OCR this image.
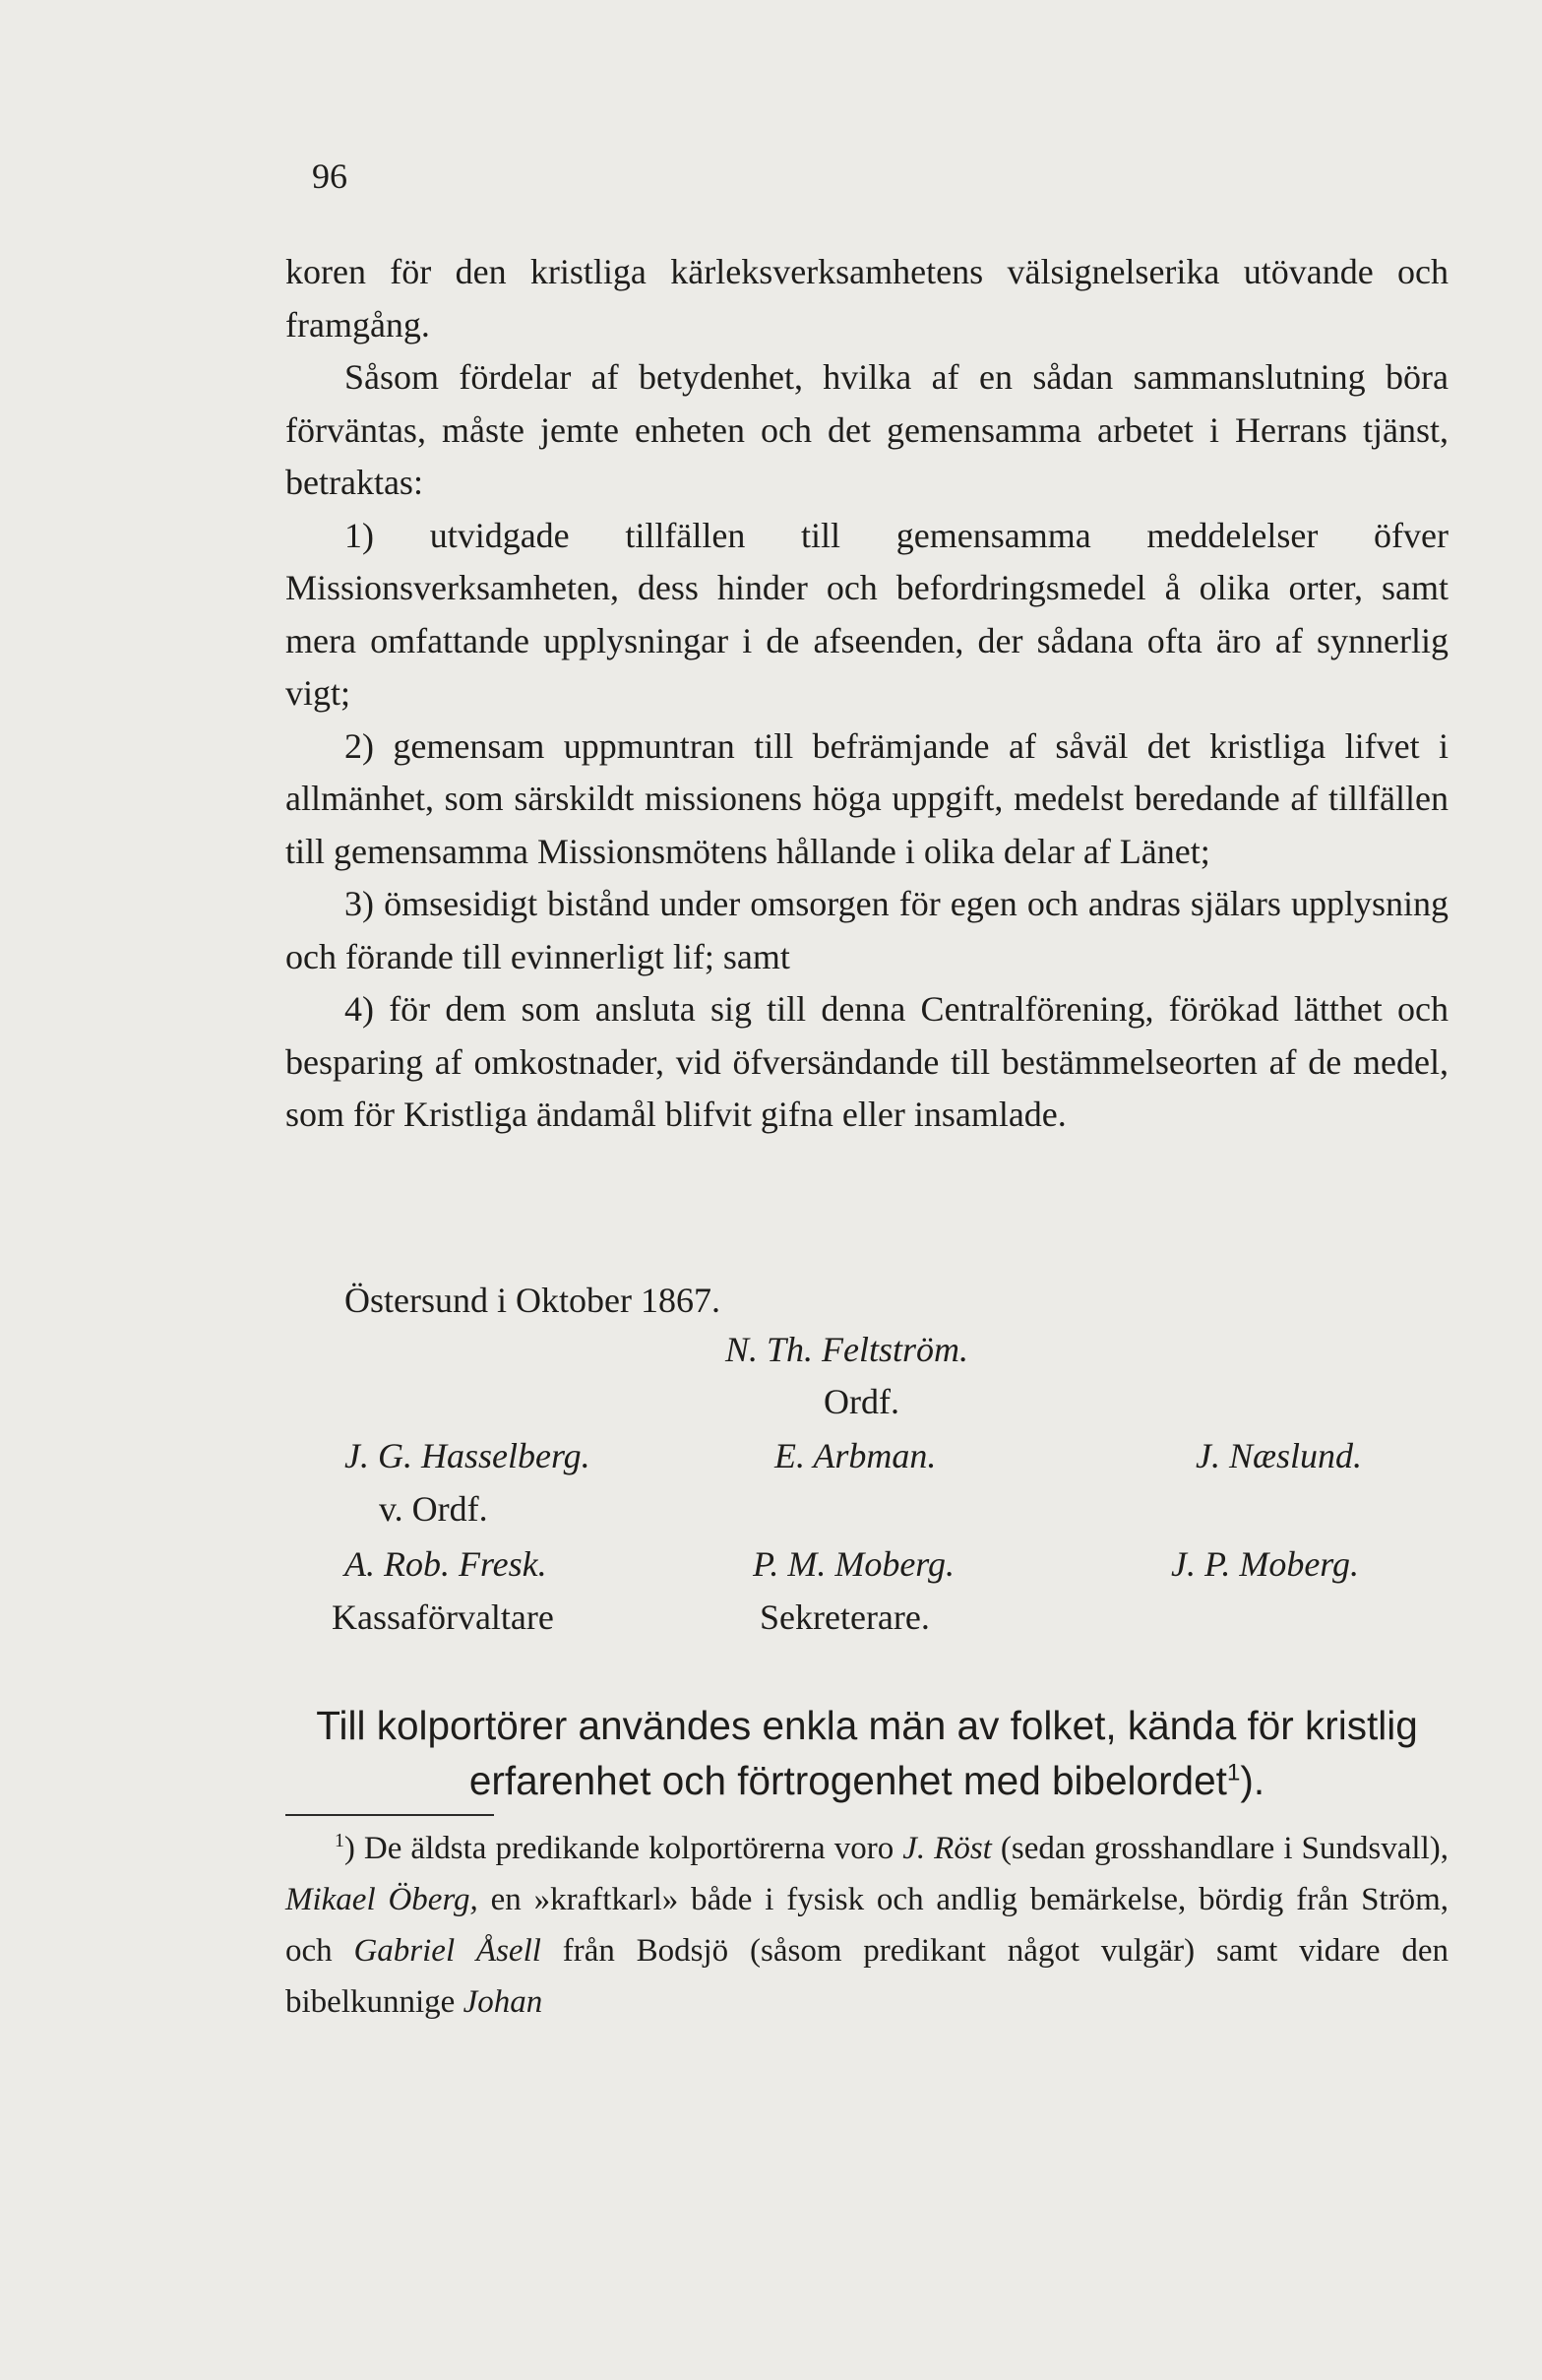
96

koren för den kristliga kärleksverksamhetens välsignelserika utövande och framgång.

Såsom fördelar af betydenhet, hvilka af en sådan sammanslutning böra förväntas, måste jemte enheten och det gemensamma arbetet i Herrans tjänst, betraktas:

1) utvidgade tillfällen till gemensamma meddelelser öfver Missionsverksamheten, dess hinder och befordringsmedel å olika orter, samt mera omfattande upplysningar i de afseenden, der sådana ofta äro af synnerlig vigt;

2) gemensam uppmuntran till befrämjande af såväl det kristliga lifvet i allmänhet, som särskildt missionens höga uppgift, medelst beredande af tillfällen till gemensamma Missionsmötens hållande i olika delar af Länet;

3) ömsesidigt bistånd under omsorgen för egen och andras själars upplysning och förande till evinnerligt lif; samt

4) för dem som ansluta sig till denna Centralförening, förökad lätthet och besparing af omkostnader, vid öfversändande till bestämmelseorten af de medel, som för Kristliga ändamål blifvit gifna eller insamlade.

Östersund i Oktober 1867.
N. Th. Feltström.
Ordf.
J. G. Hasselberg.	E. Arbman.	J. Næslund.
v. Ordf.
A. Rob. Fresk.	P. M. Moberg.	J. P. Moberg.
Kassaförvaltare	Sekreterare.
Till kolportörer användes enkla män av folket, kända för kristlig erfarenhet och förtrogenhet med bibelordet$^1$).

$^1$) De äldsta predikande kolportörerna voro J. Röst (sedan grosshandlare i Sundsvall), Mikael Öberg, en »kraftkarl» både i fysisk och andlig bemärkelse, bördig från Ström, och Gabriel Åsell från Bodsjö (såsom predikant något vulgär) samt vidare den bibelkunnige Johan
